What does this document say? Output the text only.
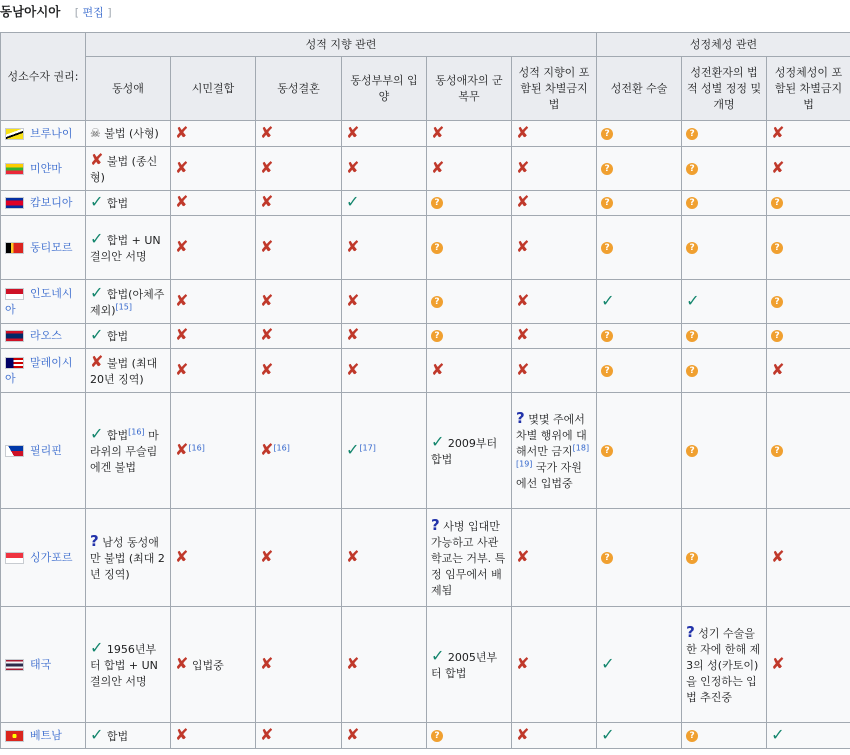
동남아시아 [ 편집 ]
성소수자 권리:	성적 지향 관련						성정체성 관련		
	동성애	시민결합	동성결혼	동성부부의 입양	동성애자의 군복무	성적 지향이 포함된 차별금지법	성전환 수술	성전환자의 법적 성별 정정 및 개명	성정체성이 포함된 차별금지법
브루나이	☠ 불법 (사형)	✘	✘	✘	✘	✘	?	?	✘
미얀마	✘ 불법 (종신형)	✘	✘	✘	✘	✘	?	?	✘
캄보디아	✓ 합법	✘	✘	✓	?	✘	?	?	?
동티모르	✓ 합법 + UN 결의안 서명	✘	✘	✘	?	✘	?	?	?
인도네시아	✓ 합법(아체주 제외)[15]	✘	✘	✘	?	✘	✓	✓	?
라오스	✓ 합법	✘	✘	✘	?	✘	?	?	?
말레이시아	✘ 불법 (최대 20년 징역)	✘	✘	✘	✘	✘	?	?	✘
필리핀	✓ 합법[16] 마라위의 무슬림에겐 불법	✘[16]	✘[16]	✓[17]	✓ 2009부터 합법	? 몇몇 주에서 차별 행위에 대해서만 금지[18][19] 국가 자원에선 입법중	?	?	?
싱가포르	? 남성 동성애만 불법 (최대 2년 징역)	✘	✘	✘	? 사병 입대만 가능하고 사관학교는 거부. 특정 임무에서 배제됨	✘	?	?	✘
태국	✓ 1956년부터 합법 + UN 결의안 서명	✘ 입법중	✘	✘	✓ 2005년부터 합법	✘	✓	? 성기 수술을 한 자에 한해 제3의 성(카토이)을 인정하는 입법 추진중	✘
베트남	✓ 합법	✘	✘	✘	?	✘	✓	?	✓
